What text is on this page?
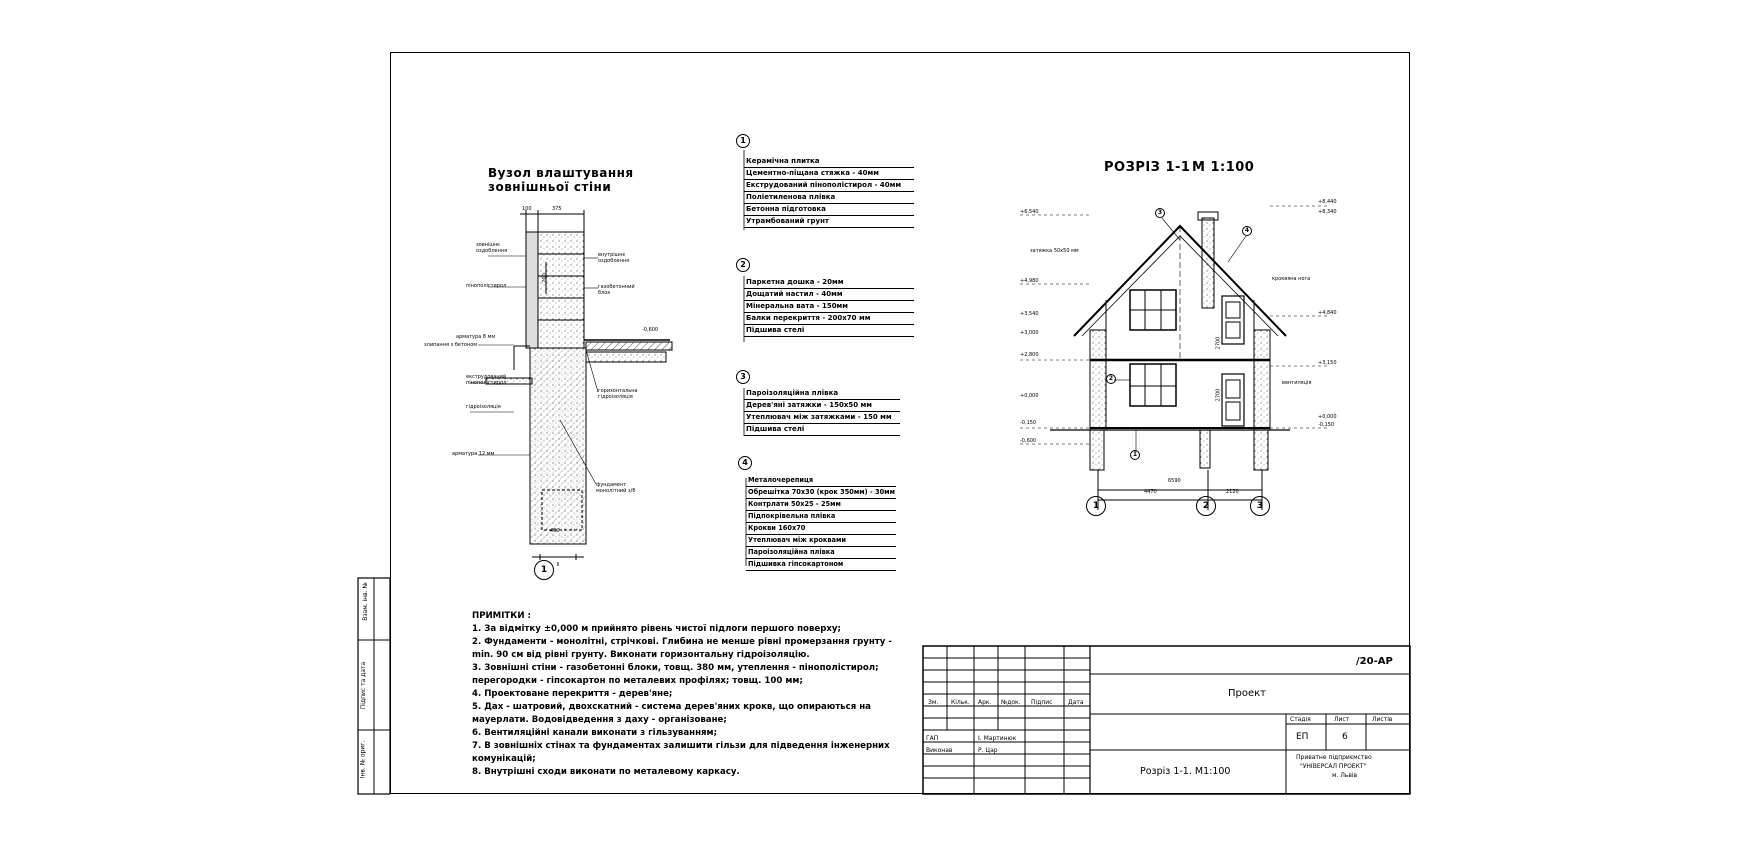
Вузол влаштування
зовнішньої стіни
100	375
200
400
-0,600
1
зовнішнє оздоблення
пінополістирол
внутрішнє оздоблення
газобетонний блок
арматура 8 мм
злипання з бетоном
екструдований пінополістирол
гідроізоляція
горизонтальна гідроізоляція
арматура 12 мм
фундамент монолітний з/б
1
Керамічна плитка
Цементно-піщана стяжка - 40мм
Екструдований пінополістирол - 40мм
Поліетиленова плівка
Бетонна підготовка
Утрамбований грунт
2
Паркетна дошка - 20мм
Дощатий настил - 40мм
Мінеральна вата - 150мм
Балки перекриття - 200x70 мм
Підшива стелі
3
Пароізоляційна плівка
Дерев'яні затяжки - 150x50 мм
Утеплювач між затяжками - 150 мм
Підшива стелі
4
Металочерепиця
Обрешітка 70x30 (крок 350мм) - 30мм
Контрлати 50x25 - 25мм
Підпокрівельна плівка
Крокви 160x70
Утеплювач між кроквами
Пароізоляційна плівка
Підшивка гіпсокартоном
РОЗРІЗ 1-1 М 1:100
+6,540
+4,980
+3,540
+3,000
+2,800
+0,000
-0,150
-0,600
+8,440
+8,340
+4,840
+3,150
+0,000
-0,150
6590
4470	2120
2700
2700
1	2	3
3
4
2
1
затяжка 50x50 мм
кроквяна нога
вентиляція
ПРИМІТКИ :
1. За відмітку ±0,000 м прийнято рівень чистої підлоги першого поверху;
2. Фундаменти - монолітні, стрічкові. Глибина не менше рівні промерзання грунту -
min. 90 см від рівні грунту. Виконати горизонтальну гідроізоляцію.
3. Зовнішні стіни - газобетонні блоки, товщ. 380 мм, утеплення - пінополістирол;
перегородки - гіпсокартон по металевих профілях; товщ. 100 мм;
4. Проектоване перекриття - дерев'яне;
5. Дах - шатровий, двохскатний - система дерев'яних крокв, що опираються на
мауерлати. Водовідведення з даху - організоване;
6. Вентиляційні канали виконати з гільзуванням;
7. В зовнішніх стінах та фундаментах залишити гільзи для підведення інженерних
комунікацій;
8. Внутрішні сходи виконати по металевому каркасу.
/20-АР
Проект
Розріз 1-1. М1:100
Стадія	Лист	Листів
ЕП	6
Приватне підприємство
"УНІВЕРСАЛ ПРОЕКТ"
м. Львів
Зм. Кільк. Арк. №док. Підпис	Дата
ГАП	І. Мартинюк
Виконав	Р. Цар
Взам. інв. №
Підпис та дата
Інв. № ориг.
